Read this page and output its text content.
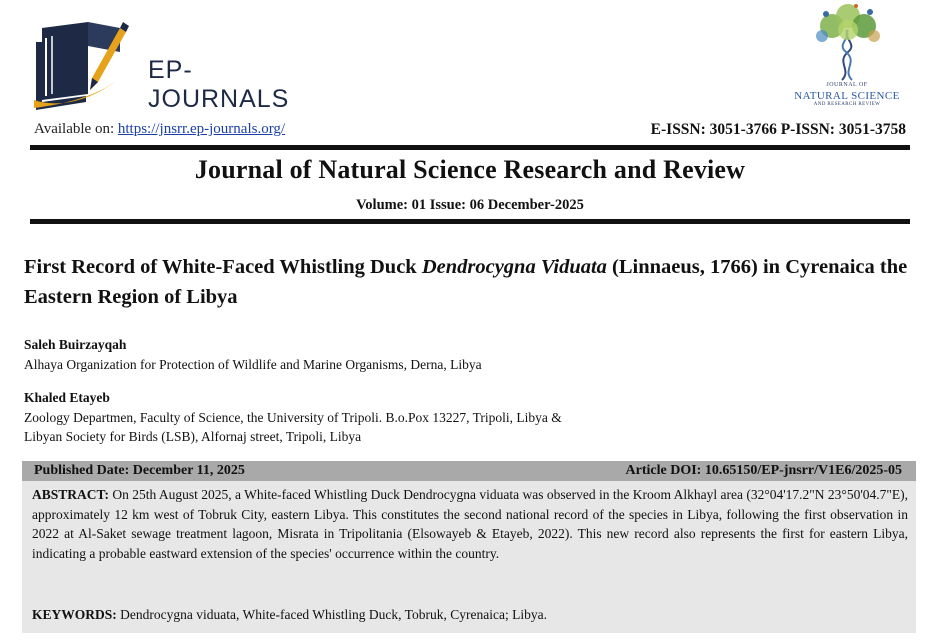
EP-JOURNALS	JOURNAL OF
NATURAL SCIENCE
AND RESEARCH REVIEW
Available on: https://jnsrr.ep-journals.org/	E-ISSN: 3051-3766 P-ISSN: 3051-3758
Journal of Natural Science Research and Review
Volume: 01 Issue: 06 December-2025
First Record of White-Faced Whistling Duck Dendrocygna Viduata (Linnaeus, 1766) in Cyrenaica the Eastern Region of Libya
Saleh Buirzayqah
Alhaya Organization for Protection of Wildlife and Marine Organisms, Derna, Libya
Khaled Etayeb
Zoology Departmen, Faculty of Science, the University of Tripoli. B.o.Pox 13227, Tripoli, Libya &
Libyan Society for Birds (LSB), Alfornaj street, Tripoli, Libya
Published Date: December 11, 2025	Article DOI: 10.65150/EP-jnsrr/V1E6/2025-05
ABSTRACT: On 25th August 2025, a White-faced Whistling Duck Dendrocygna viduata was observed in the Kroom Alkhayl area (32°04'17.2"N 23°50'04.7"E), approximately 12 km west of Tobruk City, eastern Libya. This constitutes the second national record of the species in Libya, following the first observation in 2022 at Al-Saket sewage treatment lagoon, Misrata in Tripolitania (Elsowayeb & Etayeb, 2022). This new record also represents the first for eastern Libya, indicating a probable eastward extension of the species' occurrence within the country.
KEYWORDS: Dendrocygna viduata, White-faced Whistling Duck, Tobruk, Cyrenaica; Libya.
